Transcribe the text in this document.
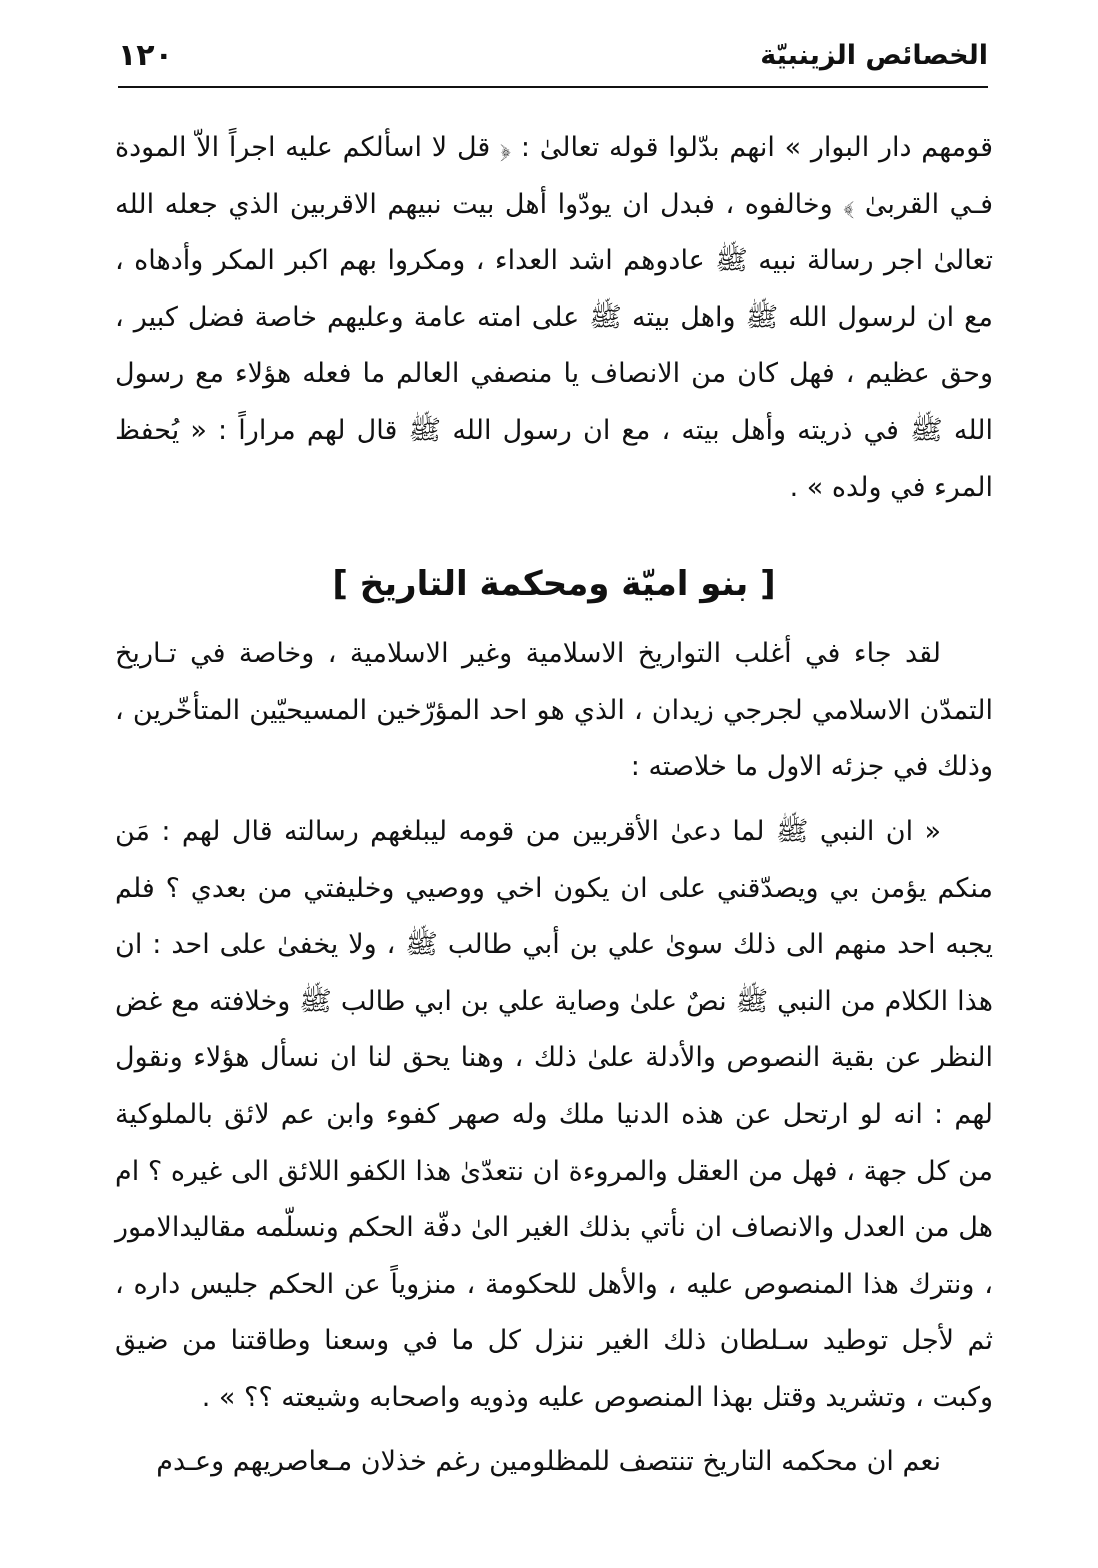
الخصائص الزينبيّة
١٢٠

قومهم دار البوار » انهم بدّلوا قوله تعالىٰ : ﴿ قل لا اسألكم عليه اجراً الاّ المودة فـي القربىٰ ﴾ وخالفوه ، فبدل ان يودّوا أهل بيت نبيهم الاقربين الذي جعله الله تعالىٰ اجر رسالة نبيه ﷺ عادوهم اشد العداء ، ومكروا بهم اكبر المكر وأدهاه ، مع ان لرسول الله ﷺ واهل بيته ﷺ على امته عامة وعليهم خاصة فضل كبير ، وحق عظيم ، فهل كان من الانصاف يا منصفي العالم ما فعله هؤلاء مع رسول الله ﷺ في ذريته وأهل بيته ، مع ان رسول الله ﷺ قال لهم مراراً : « يُحفظ المرء في ولده » .

[ بنو اميّة ومحكمة التاريخ ]

لقد جاء في أغلب التواريخ الاسلامية وغير الاسلامية ، وخاصة في تـاريخ التمدّن الاسلامي لجرجي زيدان ، الذي هو احد المؤرّخين المسيحيّين المتأخّرين ، وذلك في جزئه الاول ما خلاصته :

« ان النبي ﷺ لما دعىٰ الأقربين من قومه ليبلغهم رسالته قال لهم : مَن منكم يؤمن بي ويصدّقني على ان يكون اخي ووصيي وخليفتي من بعدي ؟ فلم يجبه احد منهم الى ذلك سوىٰ علي بن أبي طالب ﷺ ، ولا يخفىٰ على احد : ان هذا الكلام من النبي ﷺ نصٌ علىٰ وصاية علي بن ابي طالب ﷺ وخلافته مع غض النظر عن بقية النصوص والأدلة علىٰ ذلك ، وهنا يحق لنا ان نسأل هؤلاء ونقول لهم : انه لو ارتحل عن هذه الدنيا ملك وله صهر كفوء وابن عم لائق بالملوكية من كل جهة ، فهل من العقل والمروءة ان نتعدّىٰ هذا الكفو اللائق الى غيره ؟ ام هل من العدل والانصاف ان نأتي بذلك الغير الىٰ دفّة الحكم ونسلّمه مقاليدالامور ، ونترك هذا المنصوص عليه ، والأهل للحكومة ، منزوياً عن الحكم جليس داره ، ثم لأجل توطيد سـلطان ذلك الغير ننزل كل ما في وسعنا وطاقتنا من ضيق وكبت ، وتشريد وقتل بهذا المنصوص عليه وذويه واصحابه وشيعته ؟؟ » .

نعم ان محكمه التاريخ تنتصف للمظلومين رغم خذلان مـعاصريهم وعـدم
